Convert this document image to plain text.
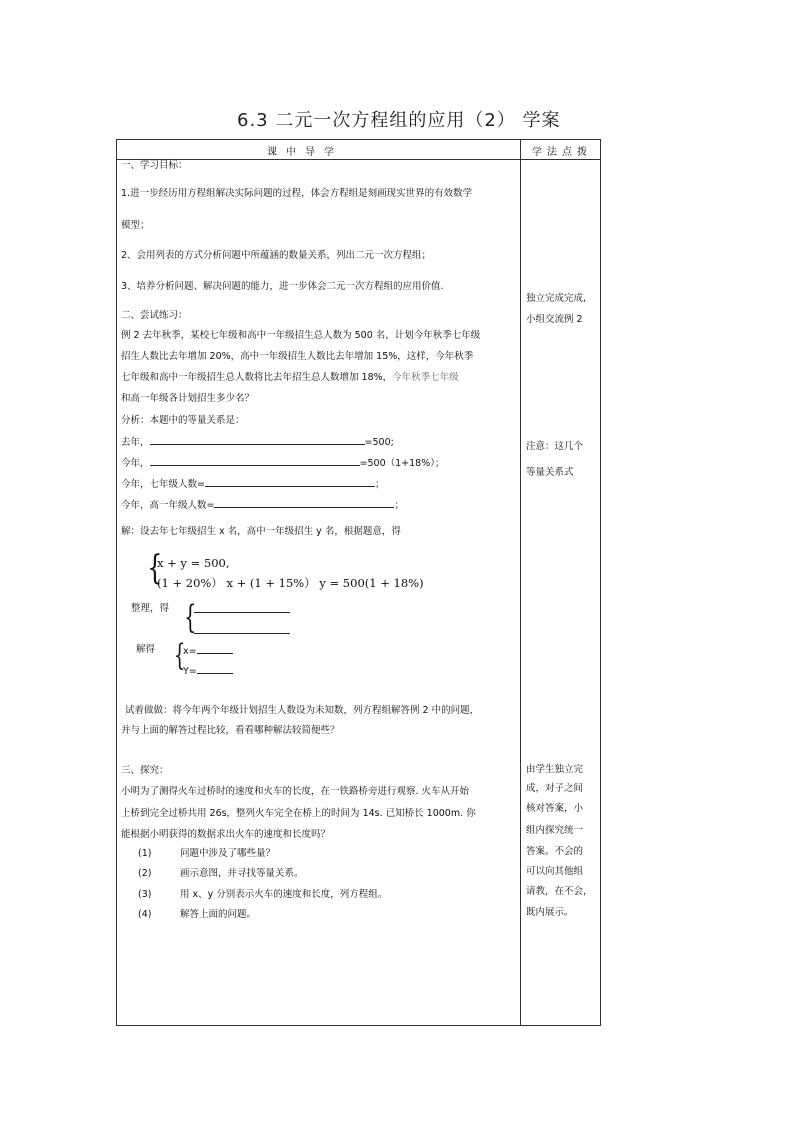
6.3 二元一次方程组的应用（2） 学案
课中导学	学法点拨
一、学习目标：
1.进一步经历用方程组解决实际问题的过程，体会方程组是刻画现实世界的有效数学
模型；
2、会用列表的方式分析问题中所蕴涵的数量关系，列出二元一次方程组；
3、培养分析问题、解决问题的能力，进一步体会二元一次方程组的应用价值.
二、尝试练习：
例 2 去年秋季，某校七年级和高中一年级招生总人数为 500 名，计划今年秋季七年级
招生人数比去年增加 20%，高中一年级招生人数比去年增加 15%，这样，今年秋季
七年级和高中一年级招生总人数将比去年招生总人数增加 18%，今年秋季七年级
和高一年级各计划招生多少名？
分析：本题中的等量关系是：
去年，	=500;
今年，	=500（1+18%）；
今年，七年级人数=	；
今年，高一年级人数=	；
解：设去年七年级招生 x 名，高中一年级招生 y 名，根据题意，得
{
x + y = 500,
(1 + 20%） x + (1 + 15%） y = 500(1 + 18%)
整理，得 {
解得 {
x=
Y=
试着做做：将今年两个年级计划招生人数设为未知数，列方程组解答例 2 中的问题，
并与上面的解答过程比较，看看哪种解法较简便些？
三、探究：
小明为了测得火车过桥时的速度和火车的长度，在一铁路桥旁进行观察. 火车从开始
上桥到完全过桥共用 26s，整列火车完全在桥上的时间为 14s. 已知桥长 1000m. 你
能根据小明获得的数据求出火车的速度和长度吗？
(1)	问题中涉及了哪些量？
(2)	画示意图，并寻找等量关系。
(3)	用 x、y 分别表示火车的速度和长度，列方程组。
(4)	解答上面的问题。
独立完成完成,
小组交流例 2
注意：这几个
等量关系式
由学生独立完
成，对子之间
核对答案，小
组内探究统一
答案。不会的
可以向其他组
请教，在不会，
既内展示。
